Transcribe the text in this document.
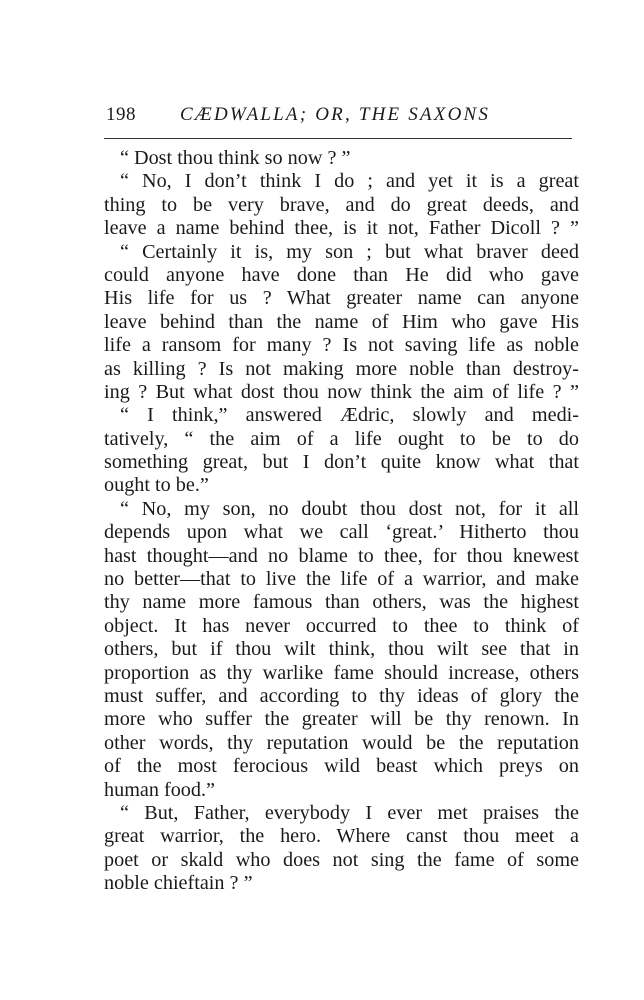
198 CÆDWALLA; OR, THE SAXONS
“ Dost thou think so now ? ”
“ No, I don’t think I do ; and yet it is a great
thing to be very brave, and do great deeds, and
leave a name behind thee, is it not, Father Dicoll ? ”
“ Certainly it is, my son ; but what braver deed
could anyone have done than He did who gave
His life for us ? What greater name can anyone
leave behind than the name of Him who gave His
life a ransom for many ? Is not saving life as noble
as killing ? Is not making more noble than destroy-
ing ? But what dost thou now think the aim of life ? ”
“ I think,” answered Ædric, slowly and medi-
tatively, “ the aim of a life ought to be to do
something great, but I don’t quite know what that
ought to be.”
“ No, my son, no doubt thou dost not, for it all
depends upon what we call ‘great.’ Hitherto thou
hast thought—and no blame to thee, for thou knewest
no better—that to live the life of a warrior, and make
thy name more famous than others, was the highest
object. It has never occurred to thee to think of
others, but if thou wilt think, thou wilt see that in
proportion as thy warlike fame should increase, others
must suffer, and according to thy ideas of glory the
more who suffer the greater will be thy renown. In
other words, thy reputation would be the reputation
of the most ferocious wild beast which preys on
human food.”
“ But, Father, everybody I ever met praises the
great warrior, the hero. Where canst thou meet a
poet or skald who does not sing the fame of some
noble chieftain ? ”
